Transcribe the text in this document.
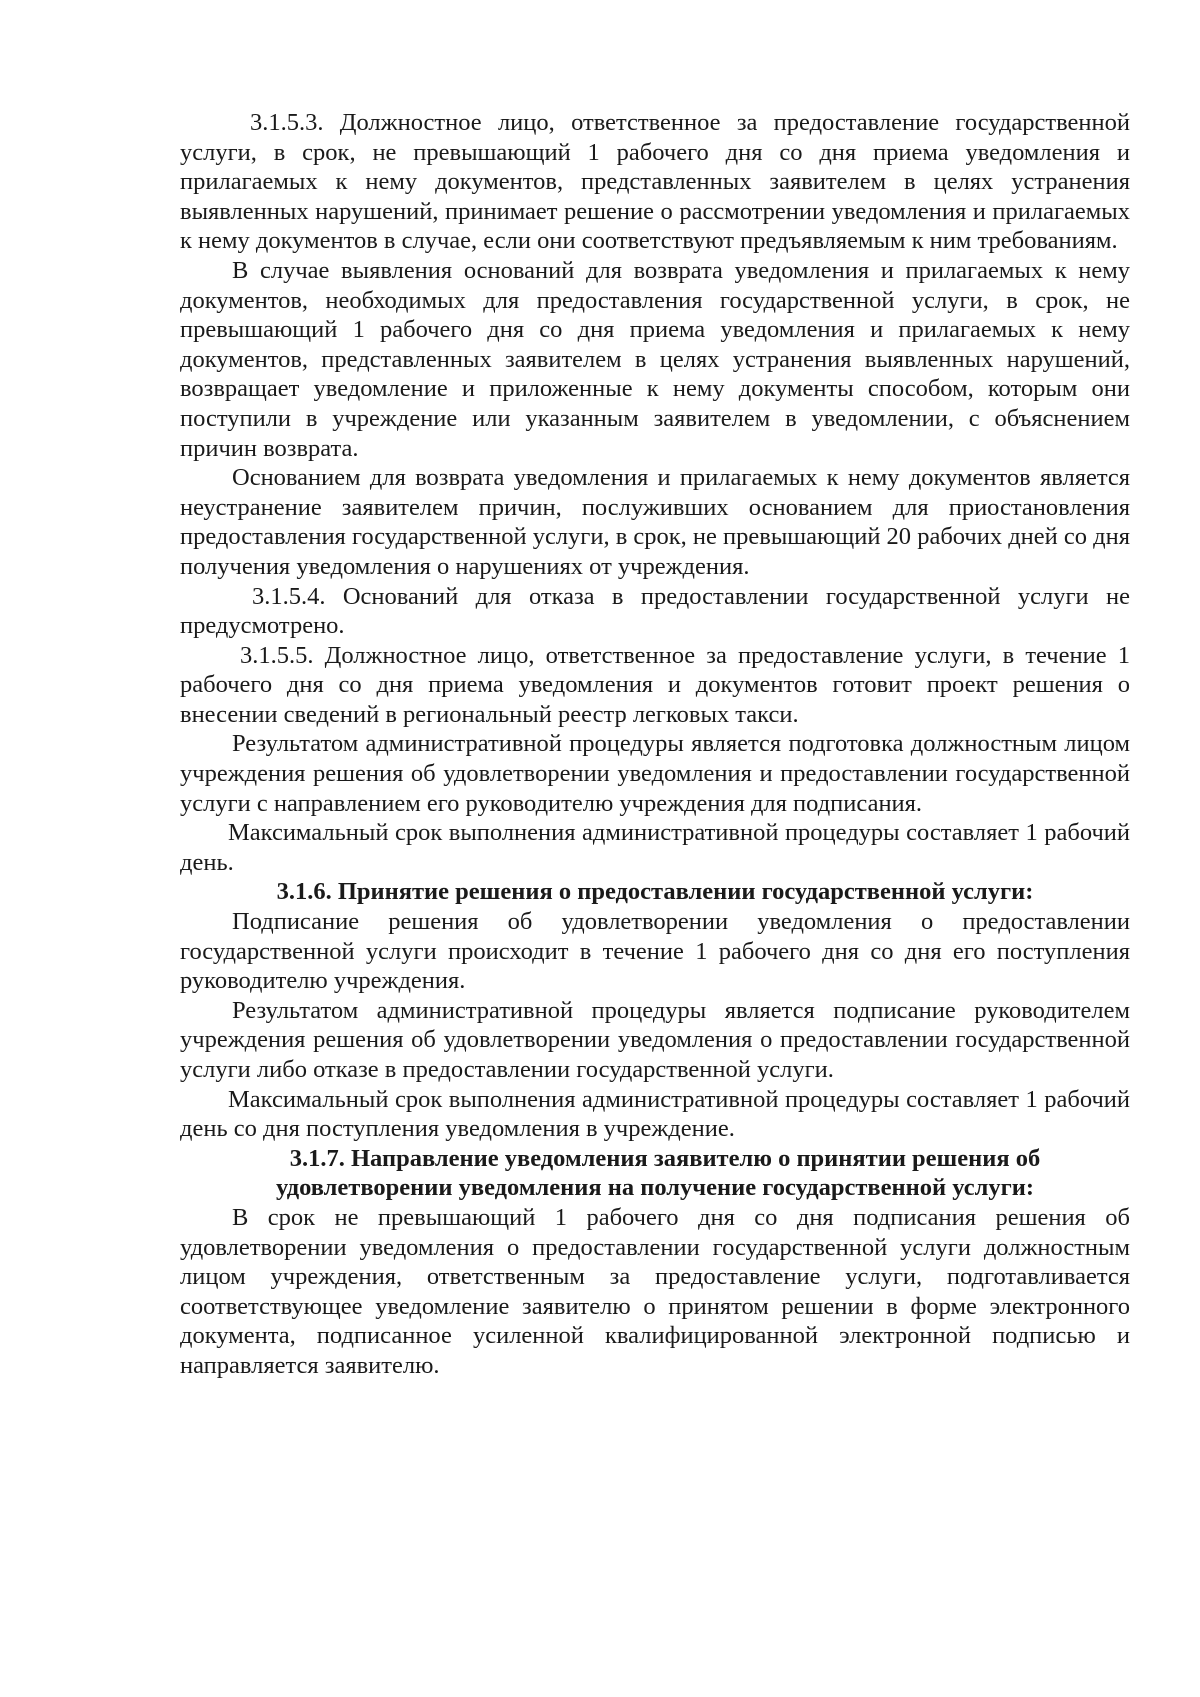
3.1.5.3. Должностное лицо, ответственное за предоставление государственной услуги, в срок, не превышающий 1 рабочего дня со дня приема уведомления и прилагаемых к нему документов, представленных заявителем в целях устранения выявленных нарушений, принимает решение о рассмотрении уведомления и прилагаемых к нему документов в случае, если они соответствуют предъявляемым к ним требованиям.

В случае выявления оснований для возврата уведомления и прилагаемых к нему документов, необходимых для предоставления государственной услуги, в срок, не превышающий 1 рабочего дня со дня приема уведомления и прилагаемых к нему документов, представленных заявителем в целях устранения выявленных нарушений, возвращает уведомление и приложенные к нему документы способом, которым они поступили в учреждение или указанным заявителем в уведомлении, с объяснением причин возврата.

Основанием для возврата уведомления и прилагаемых к нему документов является неустранение заявителем причин, послуживших основанием для приостановления предоставления государственной услуги, в срок, не превышающий 20 рабочих дней со дня получения уведомления о нарушениях от учреждения.

3.1.5.4. Оснований для отказа в предоставлении государственной услуги не предусмотрено.

3.1.5.5. Должностное лицо, ответственное за предоставление услуги, в течение 1 рабочего дня со дня приема уведомления и документов готовит проект решения о внесении сведений в региональный реестр легковых такси.

Результатом административной процедуры является подготовка должностным лицом учреждения решения об удовлетворении уведомления и предоставлении государственной услуги с направлением его руководителю учреждения для подписания.

Максимальный срок выполнения административной процедуры составляет 1 рабочий день.

3.1.6. Принятие решения о предоставлении государственной услуги:

Подписание решения об удовлетворении уведомления о предоставлении государственной услуги происходит в течение 1 рабочего дня со дня его поступления руководителю учреждения.

Результатом административной процедуры является подписание руководителем учреждения решения об удовлетворении уведомления о предоставлении государственной услуги либо отказе в предоставлении государственной услуги.

Максимальный срок выполнения административной процедуры составляет 1 рабочий день со дня поступления уведомления в учреждение.

3.1.7. Направление уведомления заявителю о принятии решения об

удовлетворении уведомления на получение государственной услуги:

В срок не превышающий 1 рабочего дня со дня подписания решения об удовлетворении уведомления о предоставлении государственной услуги должностным лицом учреждения, ответственным за предоставление услуги, подготавливается соответствующее уведомление заявителю о принятом решении в форме электронного документа, подписанное усиленной квалифицированной электронной подписью и направляется заявителю.
